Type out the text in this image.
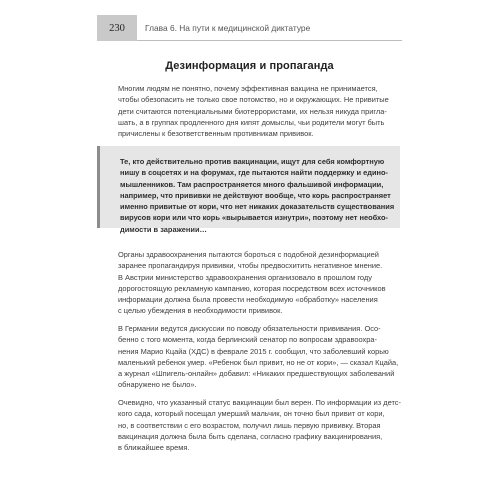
230	Глава 6. На пути к медицинской диктатуре
Дезинформация и пропаганда
Многим людям не понятно, почему эффективная вакцина не принимается,
чтобы обезопасить не только свое потомство, но и окружающих. Не привитые
дети считаются потенциальными биотеррористами, их нельзя никуда пригла-
шать, а в группах продленного дня кипят домыслы, чьи родители могут быть
причислены к безответственным противникам прививок.
Те, кто действительно против вакцинации, ищут для себя комфортную
нишу в соцсетях и на форумах, где пытаются найти поддержку и едино-
мышленников. Там распространяется много фальшивой информации,
например, что прививки не действуют вообще, что корь распространяет
именно привитые от кори, что нет никаких доказательств существования
вирусов кори или что корь «вырывается изнутри», поэтому нет необхо-
димости в заражении…
Органы здравоохранения пытаются бороться с подобной дезинформацией
заранее пропагандируя прививки, чтобы предвосхитить негативное мнение.
В Австрии министерство здравоохранения организовало в прошлом году
дорогостоящую рекламную кампанию, которая посредством всех источников
информации должна была провести необходимую «обработку» населения
с целью убеждения в необходимости прививок.
В Германии ведутся дискуссии по поводу обязательности прививания. Осо-
бенно с того момента, когда берлинский сенатор по вопросам здравоохра-
нения Марио Кцайа (ХДС) в феврале 2015 г. сообщил, что заболевший корью
маленький ребенок умер. «Ребенок был привит, но не от кори», — сказал Кцайа,
а журнал «Шпигель-онлайн» добавил: «Никаких предшествующих заболеваний
обнаружено не было».
Очевидно, что указанный статус вакцинации был верен. По информации из детс-
кого сада, который посещал умерший мальчик, он точно был привит от кори,
но, в соответствии с его возрастом, получил лишь первую прививку. Вторая
вакцинация должна была быть сделана, согласно графику вакцинирования,
в ближайшее время.
